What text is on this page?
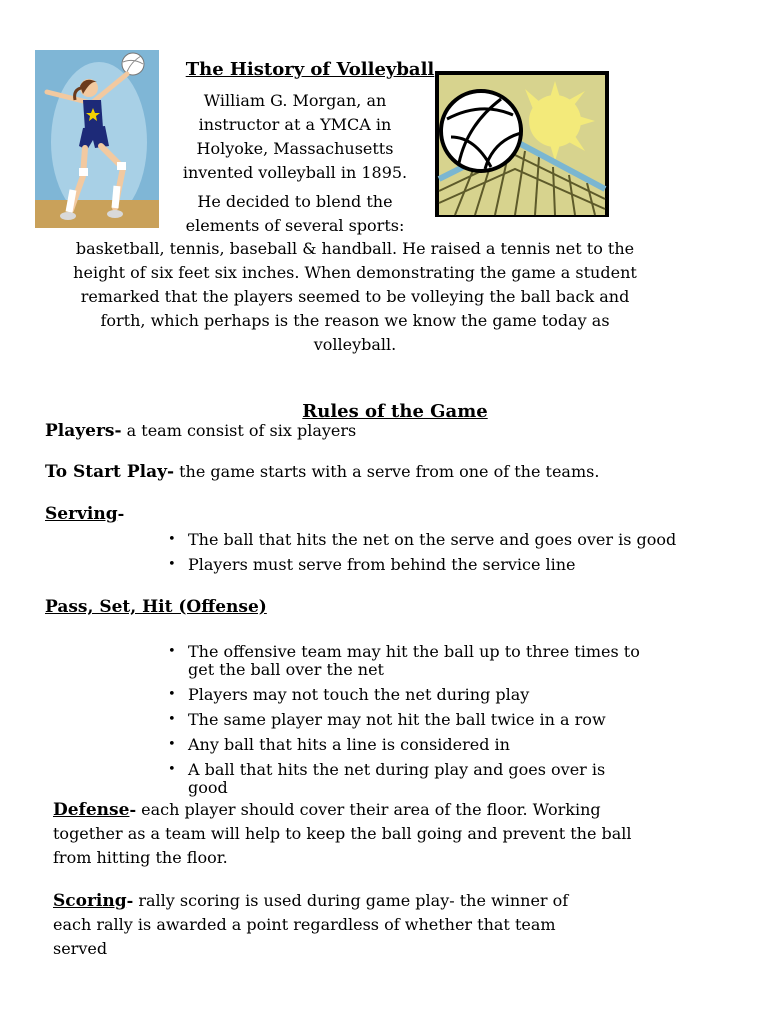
The History of Volleyball
William G. Morgan, an
instructor at a YMCA in
Holyoke, Massachusetts
invented volleyball in 1895.
He decided to blend the
elements of several sports:
basketball, tennis, baseball & handball. He raised a tennis net to the
height of six feet six inches. When demonstrating the game a student
remarked that the players seemed to be volleying the ball back and
forth, which perhaps is the reason we know the game today as
volleyball.
Rules of the Game
Players- a team consist of six players
To Start Play- the game starts with a serve from one of the teams.
Serving-
• The ball that hits the net on the serve and goes over is good
• Players must serve from behind the service line
Pass, Set, Hit (Offense)
• The offensive team may hit the ball up to three times to get the ball over the net
• Players may not touch the net during play
• The same player may not hit the ball twice in a row
• Any ball that hits a line is considered in
• A ball that hits the net during play and goes over is good
Defense- each player should cover their area of the floor. Working
together as a team will help to keep the ball going and prevent the ball
from hitting the floor.
Scoring- rally scoring is used during game play- the winner of
each rally is awarded a point regardless of whether that team
served
